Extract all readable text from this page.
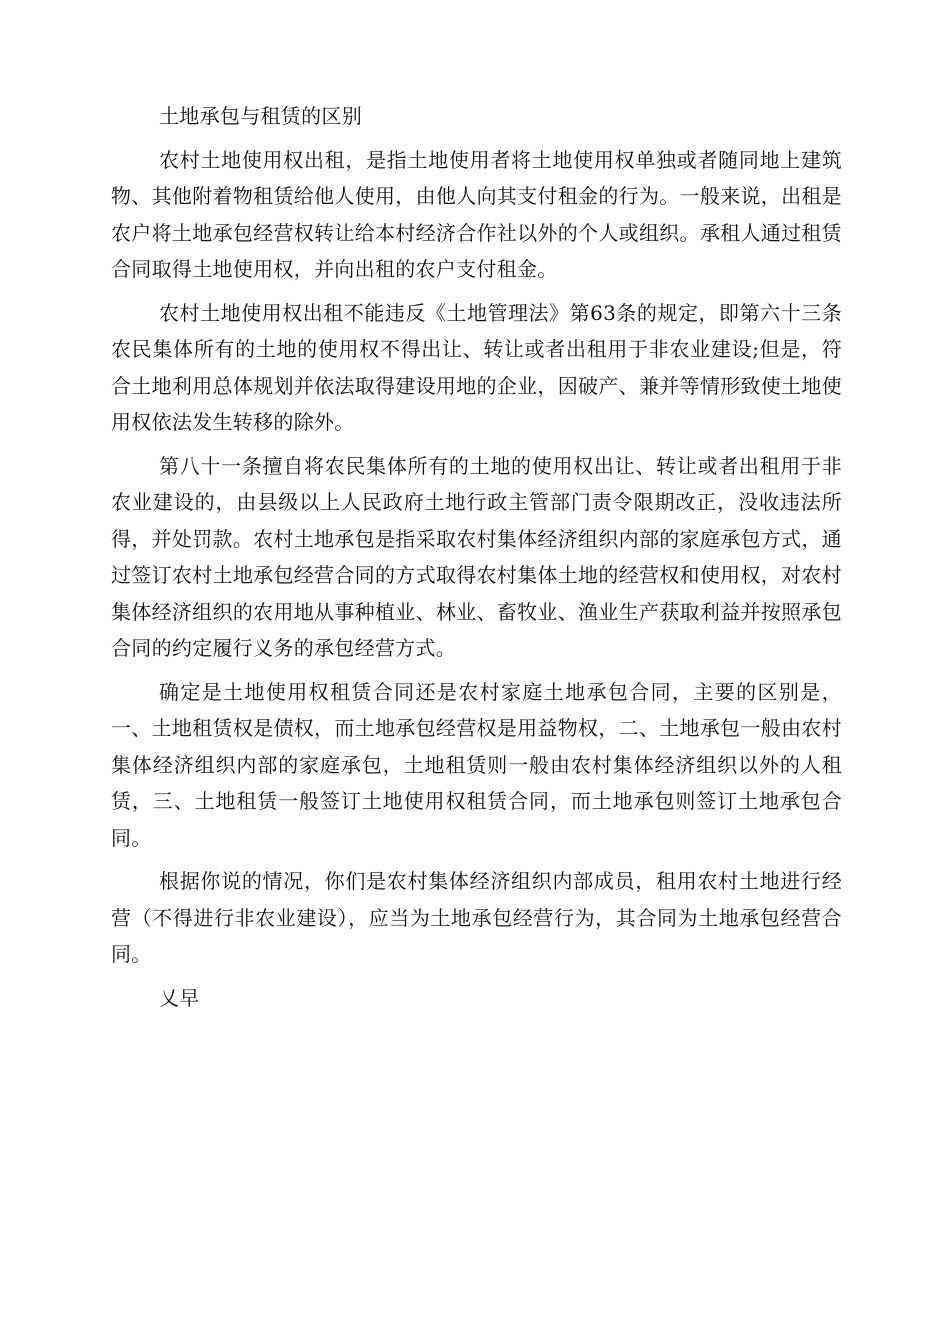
土地承包与租赁的区别

农村土地使用权出租，是指土地使用者将土地使用权单独或者随同地上建筑物、其他附着物租赁给他人使用，由他人向其支付租金的行为。一般来说，出租是农户将土地承包经营权转让给本村经济合作社以外的个人或组织。承租人通过租赁合同取得土地使用权，并向出租的农户支付租金。

农村土地使用权出租不能违反《土地管理法》第63条的规定，即第六十三条农民集体所有的土地的使用权不得出让、转让或者出租用于非农业建设;但是，符合土地利用总体规划并依法取得建设用地的企业，因破产、兼并等情形致使土地使用权依法发生转移的除外。

第八十一条擅自将农民集体所有的土地的使用权出让、转让或者出租用于非农业建设的，由县级以上人民政府土地行政主管部门责令限期改正，没收违法所得，并处罚款。农村土地承包是指采取农村集体经济组织内部的家庭承包方式，通过签订农村土地承包经营合同的方式取得农村集体土地的经营权和使用权，对农村集体经济组织的农用地从事种植业、林业、畜牧业、渔业生产获取利益并按照承包合同的约定履行义务的承包经营方式。

确定是土地使用权租赁合同还是农村家庭土地承包合同，主要的区别是，一、土地租赁权是债权，而土地承包经营权是用益物权，二、土地承包一般由农村集体经济组织内部的家庭承包，土地租赁则一般由农村集体经济组织以外的人租赁，三、土地租赁一般签订土地使用权租赁合同，而土地承包则签订土地承包合同。

根据你说的情况，你们是农村集体经济组织内部成员，租用农村土地进行经营（不得进行非农业建设），应当为土地承包经营行为，其合同为土地承包经营合同。

乂早
